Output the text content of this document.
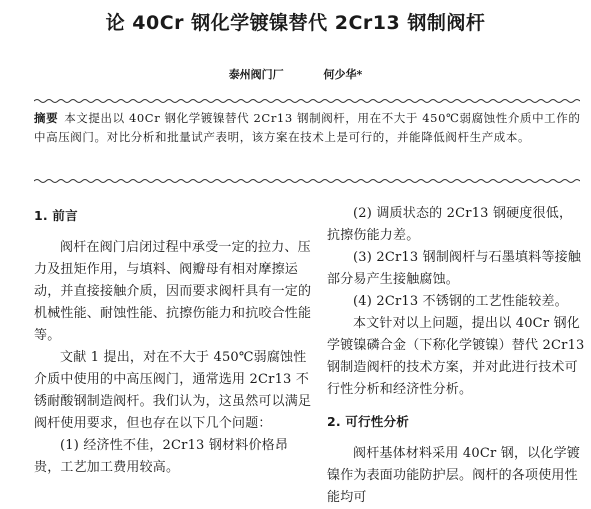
论 40Cr 钢化学镀镍替代 2Cr13 钢制阀杆
泰州阀门厂	何少华*
摘要 本文提出以 40Cr 钢化学镀镍替代 2Cr13 钢制阀杆，用在不大于 450℃弱腐蚀性介质中工作的中高压阀门。对比分析和批量试产表明，该方案在技术上是可行的，并能降低阀杆生产成本。

1. 前言

阀杆在阀门启闭过程中承受一定的拉力、压力及扭矩作用，与填料、阀瓣母有相对摩擦运动，并直接接触介质，因而要求阀杆具有一定的机械性能、耐蚀性能、抗擦伤能力和抗咬合性能等。

文献 1 提出，对在不大于 450℃弱腐蚀性介质中使用的中高压阀门，通常选用 2Cr13 不锈耐酸钢制造阀杆。我们认为，这虽然可以满足阀杆使用要求，但也存在以下几个问题：

(1) 经济性不佳，2Cr13 钢材料价格昂贵，工艺加工费用较高。

(2) 调质状态的 2Cr13 钢硬度很低，抗擦伤能力差。

(3) 2Cr13 钢制阀杆与石墨填料等接触部分易产生接触腐蚀。

(4) 2Cr13 不锈钢的工艺性能较差。

本文针对以上问题，提出以 40Cr 钢化学镀镍磷合金（下称化学镀镍）替代 2Cr13 钢制造阀杆的技术方案，并对此进行技术可行性分析和经济性分析。

2. 可行性分析

阀杆基体材料采用 40Cr 钢，以化学镀镍作为表面功能防护层。阀杆的各项使用性能均可
